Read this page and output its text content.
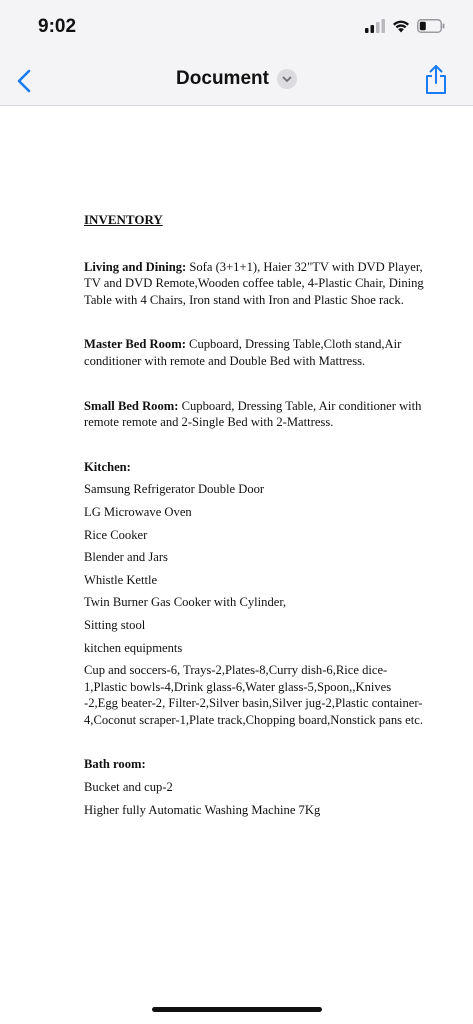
9:02
Document
INVENTORY
Living and Dining: Sofa (3+1+1), Haier 32"TV with DVD Player, TV and DVD Remote,Wooden coffee table, 4-Plastic Chair, Dining Table with 4 Chairs, Iron stand with Iron and Plastic Shoe rack.
Master Bed Room: Cupboard, Dressing Table,Cloth stand,Air conditioner with remote and Double Bed with Mattress.
Small Bed Room: Cupboard, Dressing Table, Air conditioner with remote remote and 2-Single Bed with 2-Mattress.
Kitchen:
Samsung Refrigerator Double Door
LG Microwave Oven
Rice Cooker
Blender and Jars
Whistle Kettle
Twin Burner Gas Cooker with Cylinder,
Sitting stool
kitchen equipments
Cup and soccers-6, Trays-2,Plates-8,Curry dish-6,Rice dice-1,Plastic bowls-4,Drink glass-6,Water glass-5,Spoon,,Knives -2,Egg beater-2, Filter-2,Silver basin,Silver jug-2,Plastic container-4,Coconut scraper-1,Plate track,Chopping board,Nonstick pans etc.
Bath room:
Bucket and cup-2
Higher fully Automatic Washing Machine 7Kg
